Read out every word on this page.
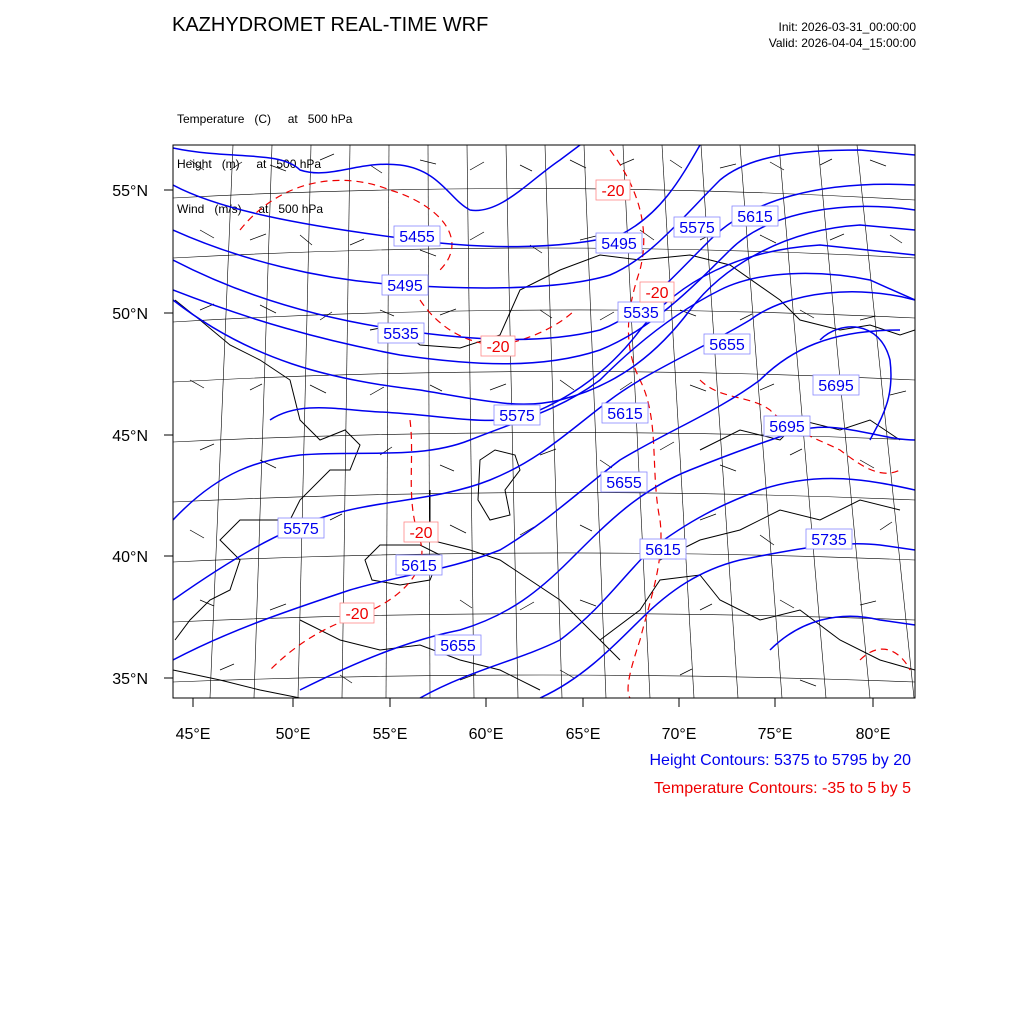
KAZHYDROMET REAL-TIME WRF	Init: 2026-03-31_00:00:00
Valid: 2026-04-04_15:00:00

Temperature   (C)     at   500 hPa

Height   (m)     at   500 hPa

Wind   (m/s)     at   500 hPa

45°E	50°E	55°E	60°E	65°E	70°E	75°E	80°E
55°N
50°N
45°N
40°N
35°N
5455
5495
5535
5575
5615
5655
5695
5735
5495
5535
5575
5615
5655
5695
5575
5615
5655
5615
-20
-20
-20
-20
-20
Height Contours: 5375 to 5795 by 20
Temperature Contours: -35 to 5 by 5
